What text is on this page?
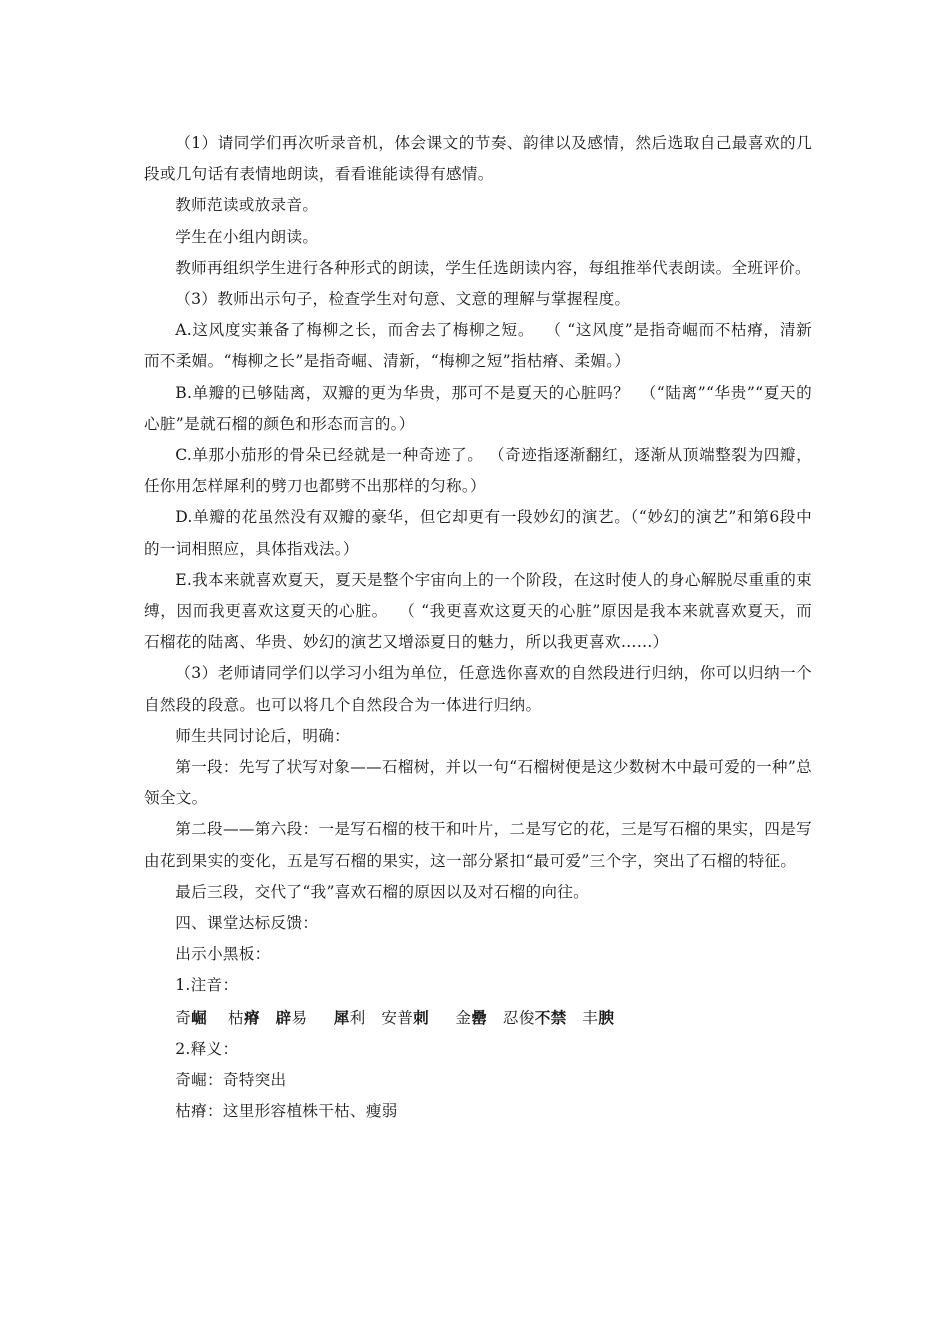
（1）请同学们再次听录音机，体会课文的节奏、韵律以及感情，然后选取自己最喜欢的几段或几句话有表情地朗读，看看谁能读得有感情。

教师范读或放录音。

学生在小组内朗读。

教师再组织学生进行各种形式的朗读，学生任选朗读内容，每组推举代表朗读。全班评价。

（3）教师出示句子，检查学生对句意、文意的理解与掌握程度。

A.这风度实兼备了梅柳之长，而舍去了梅柳之短。  （ “这风度”是指奇崛而不枯瘠，清新而不柔媚。“梅柳之长”是指奇崛、清新，“梅柳之短”指枯瘠、柔媚。）

B.单瓣的已够陆离，双瓣的更为华贵，那可不是夏天的心脏吗？  （“陆离”“华贵”“夏天的心脏”是就石榴的颜色和形态而言的。）

C.单那小茄形的骨朵已经就是一种奇迹了。 （奇迹指逐渐翻红，逐渐从顶端整裂为四瓣，任你用怎样犀利的劈刀也都劈不出那样的匀称。）

D.单瓣的花虽然没有双瓣的豪华，但它却更有一段妙幻的演艺。（“妙幻的演艺”和第6段中的一词相照应，具体指戏法。）

E.我本来就喜欢夏天，夏天是整个宇宙向上的一个阶段，在这时使人的身心解脱尽重重的束缚，因而我更喜欢这夏天的心脏。  （ “我更喜欢这夏天的心脏”原因是我本来就喜欢夏天，而石榴花的陆离、华贵、妙幻的演艺又增添夏日的魅力，所以我更喜欢……）

（3）老师请同学们以学习小组为单位，任意选你喜欢的自然段进行归纳，你可以归纳一个自然段的段意。也可以将几个自然段合为一体进行归纳。

师生共同讨论后，明确：

第一段：先写了状写对象——石榴树，并以一句“石榴树便是这少数树木中最可爱的一种”总领全文。

第二段——第六段：一是写石榴的枝干和叶片，二是写它的花，三是写石榴的果实，四是写由花到果实的变化，五是写石榴的果实，这一部分紧扣“最可爱”三个字，突出了石榴的特征。

最后三段，交代了“我”喜欢石榴的原因以及对石榴的向往。

四、课堂达标反馈：

出示小黑板：

1.注音：

奇崛 枯瘠 辟易 犀利 安普刺 金罍 忍俊不禁 丰腴

2.释义：

奇崛：奇特突出

枯瘠：这里形容植株干枯、瘦弱
